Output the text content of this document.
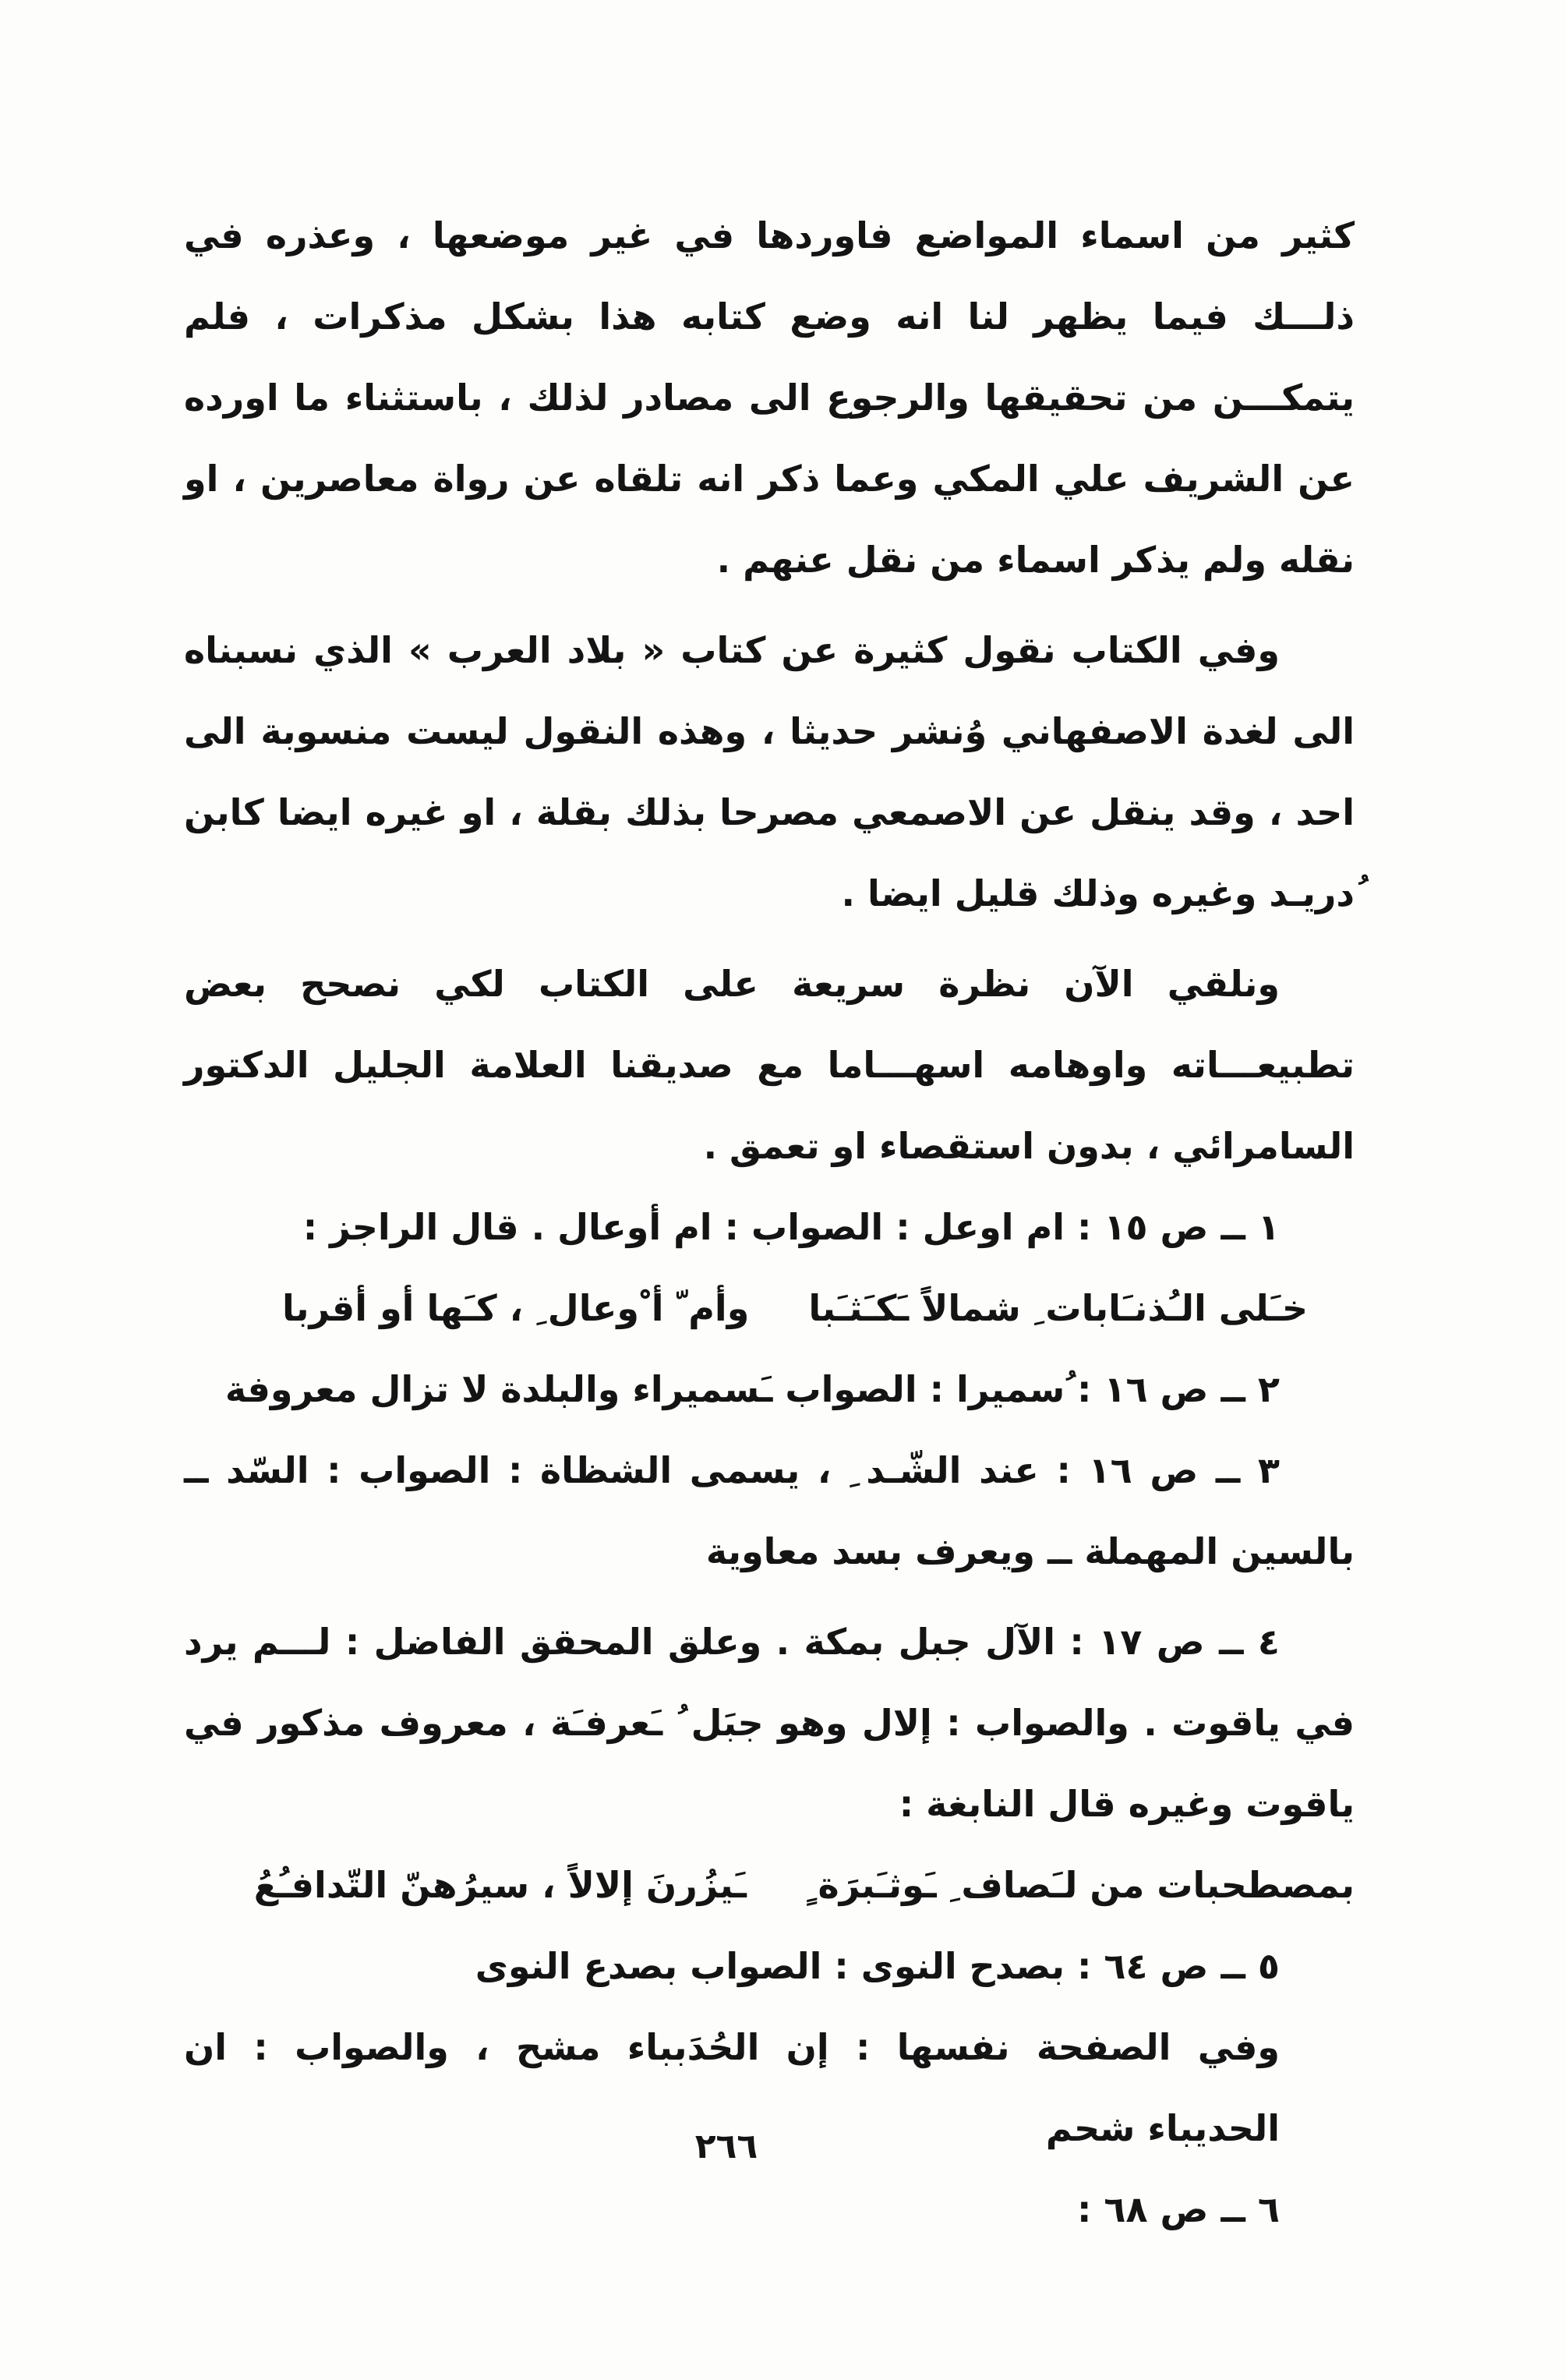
كثير من اسماء المواضع فاوردها في غير موضعها ، وعذره في ذلـــك فيما يظهر لنا انه وضع كتابه هذا بشكل مذكرات ، فلم يتمكـــن من تحقيقها والرجوع الى مصادر لذلك ، باستثناء ما اورده عن الشريف علي المكي وعما ذكر انه تلقاه عن رواة معاصرين ، او نقله ولم يذكر اسماء من نقل عنهم .

وفي الكتاب نقول كثيرة عن كتاب « بلاد العرب » الذي نسبناه الى لغدة الاصفهاني وُنشر حديثا ، وهذه النقول ليست منسوبة الى احد ، وقد ينقل عن الاصمعي مصرحا بذلك بقلة ، او غيره ايضا كابن ُدريـد وغيره وذلك قليل ايضا .

ونلقي الآن نظرة سريعة على الكتاب لكي نصحح بعض تطبيعـــاته واوهامه اسهـــاما مع صديقنا العلامة الجليل الدكتور السامرائي ، بدون استقصاء او تعمق .

١ ــ ص ١٥ : ام اوعل : الصواب : ام أوعال . قال الراجز :

خـَلى الـُذنـَابات ِ شمالاً ـَكـَثـَبا وأم ّ أ ْوعال ِ ، كـَها أو أقربا

٢ ــ ص ١٦ : ُسميرا : الصواب ـَسميراء والبلدة لا تزال معروفة

٣ ــ ص ١٦ : عند الشّـد ِ ، يسمى الشظاة : الصواب : السّد ــ بالسين المهملة ــ ويعرف بسد معاوية

٤ ــ ص ١٧ : الآل جبل بمكة . وعلق المحقق الفاضل : لـــم يرد في ياقوت . والصواب : إلال وهو جبَل ُ ـَعرفـَة ، معروف مذكور في ياقوت وغيره قال النابغة :

بمصطحبات من لـَصاف ِ ـَوثـَبرَة ٍ ـَيزُرنَ إلالاً ، سيرُهنّ التّدافـُعُ

٥ ــ ص ٦٤ : بصدح النوى : الصواب بصدع النوى

وفي الصفحة نفسها : إن الحُدَبباء مشح ، والصواب : ان الحديباء شحم

٦ ــ ص ٦٨ :

٢٦٦
